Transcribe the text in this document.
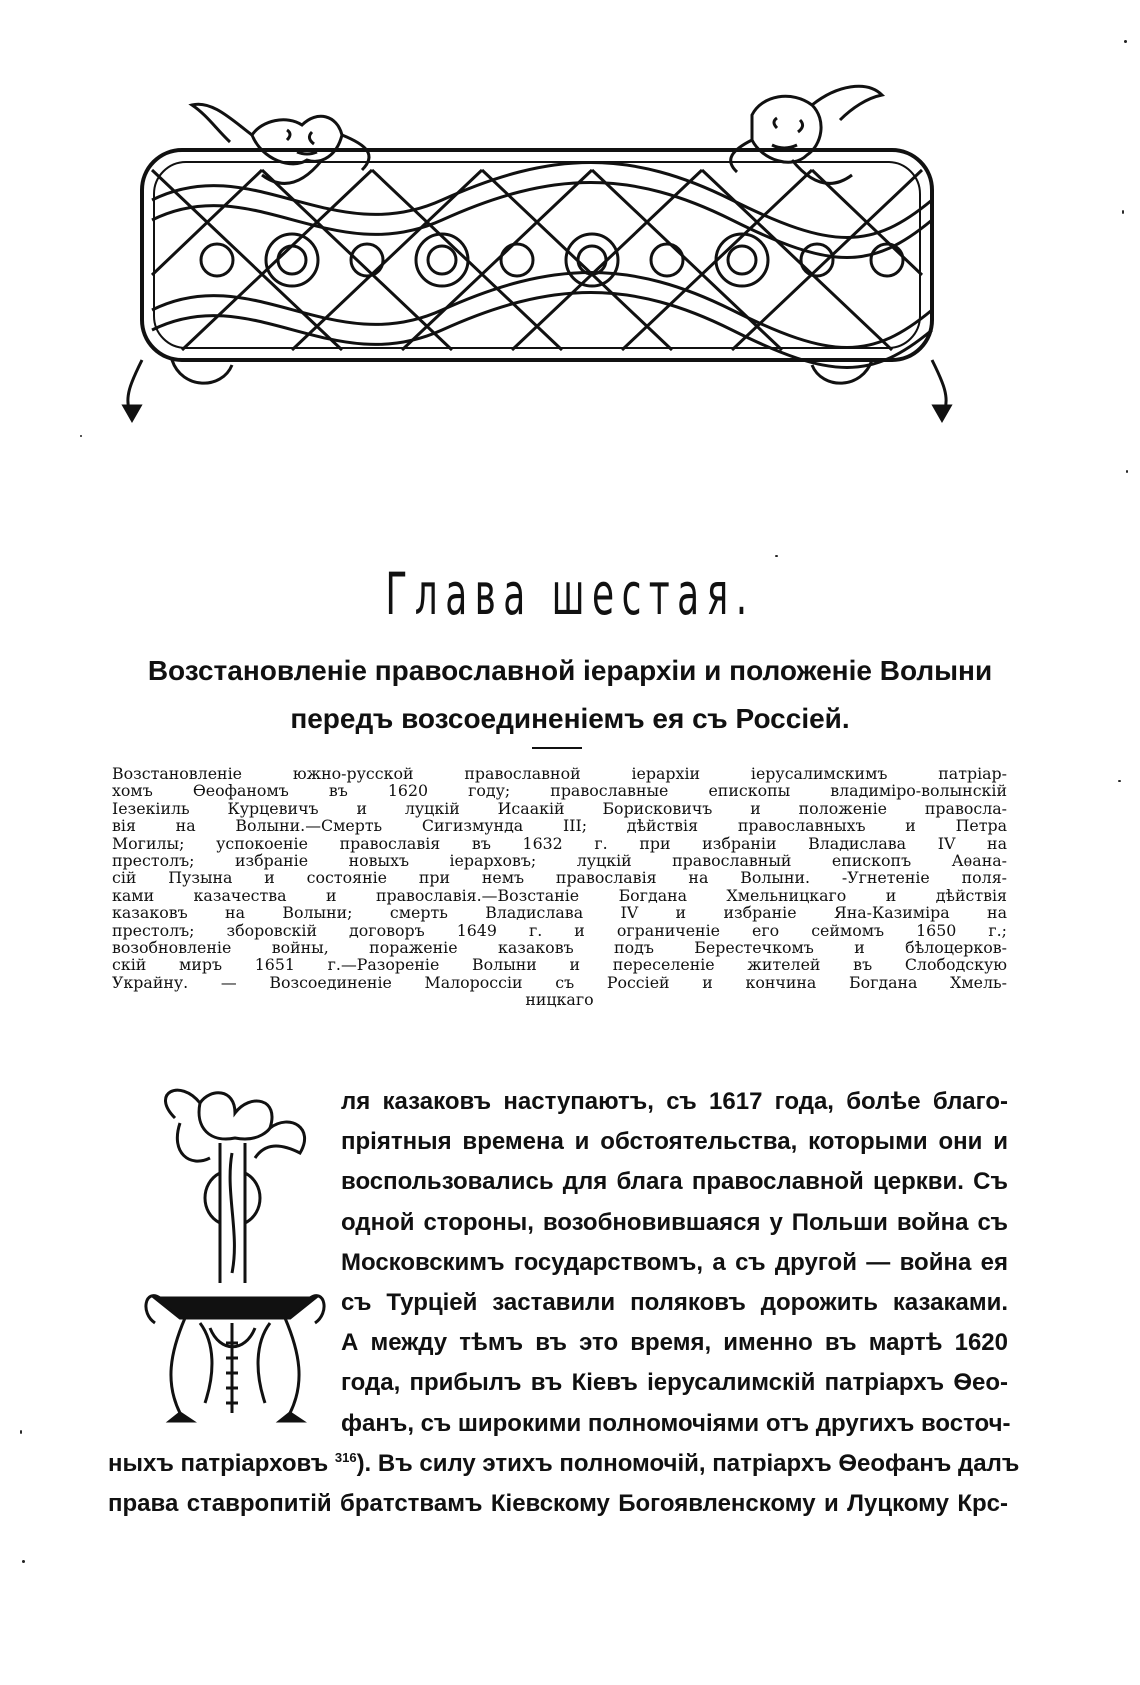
Глава шестая.
Возстановленіе православной іерархіи и положеніе Волыни
передъ возсоединеніемъ ея съ Россіей.
Возстановленіе южно-русской православной іерархіи іерусалимскимъ патріар-
хомъ Ѳеофаномъ въ 1620 году; православные епископы владиміро-волынскій
Іезекіиль Курцевичъ и луцкій Исаакій Борисковичъ и положеніе правосла-
вія на Волыни.—Смерть Сигизмунда III; дѣйствія православныхъ и Петра
Могилы; успокоеніе православія въ 1632 г. при избраніи Владислава IV на
престолъ; избраніе новыхъ іерарховъ; луцкій православный епископъ Аѳана-
сій Пузына и состояніе при немъ православія на Волыни. -Угнетеніе поля-
ками казачества и православія.—Возстаніе Богдана Хмельницкаго и дѣйствія
казаковъ на Волыни; смерть Владислава IV и избраніе Яна-Казиміра на
престолъ; зборовскій договоръ 1649 г. и ограниченіе его сеймомъ 1650 г.;
возобновленіе войны, пораженіе казаковъ подъ Берестечкомъ и бѣлоцерков-
скій миръ 1651 г.—Разореніе Волыни и переселеніе жителей въ Слободскую
Украйну. — Возсоединеніе Малороссіи съ Россіей и кончина Богдана Хмель-
ницкаго
ля казаковъ наступаютъ, съ 1617 года, болѣе благо-
пріятныя времена и обстоятельства, которыми они и
воспользовались для блага православной церкви. Съ
одной стороны, возобновившаяся у Польши война съ
Московскимъ государствомъ, а съ другой — война ея
съ Турціей заставили поляковъ дорожить казаками.
А между тѣмъ въ это время, именно въ мартѣ 1620
года, прибылъ въ Кіевъ іерусалимскій патріархъ Ѳео-
фанъ, съ широкими полномочіями отъ другихъ восточ-
ныхъ патріарховъ $^{316}$). Въ силу этихъ полномочій, патріархъ Ѳеофанъ далъ
права ставропитій братствамъ Кіевскому Богоявленскому и Луцкому Крс-
